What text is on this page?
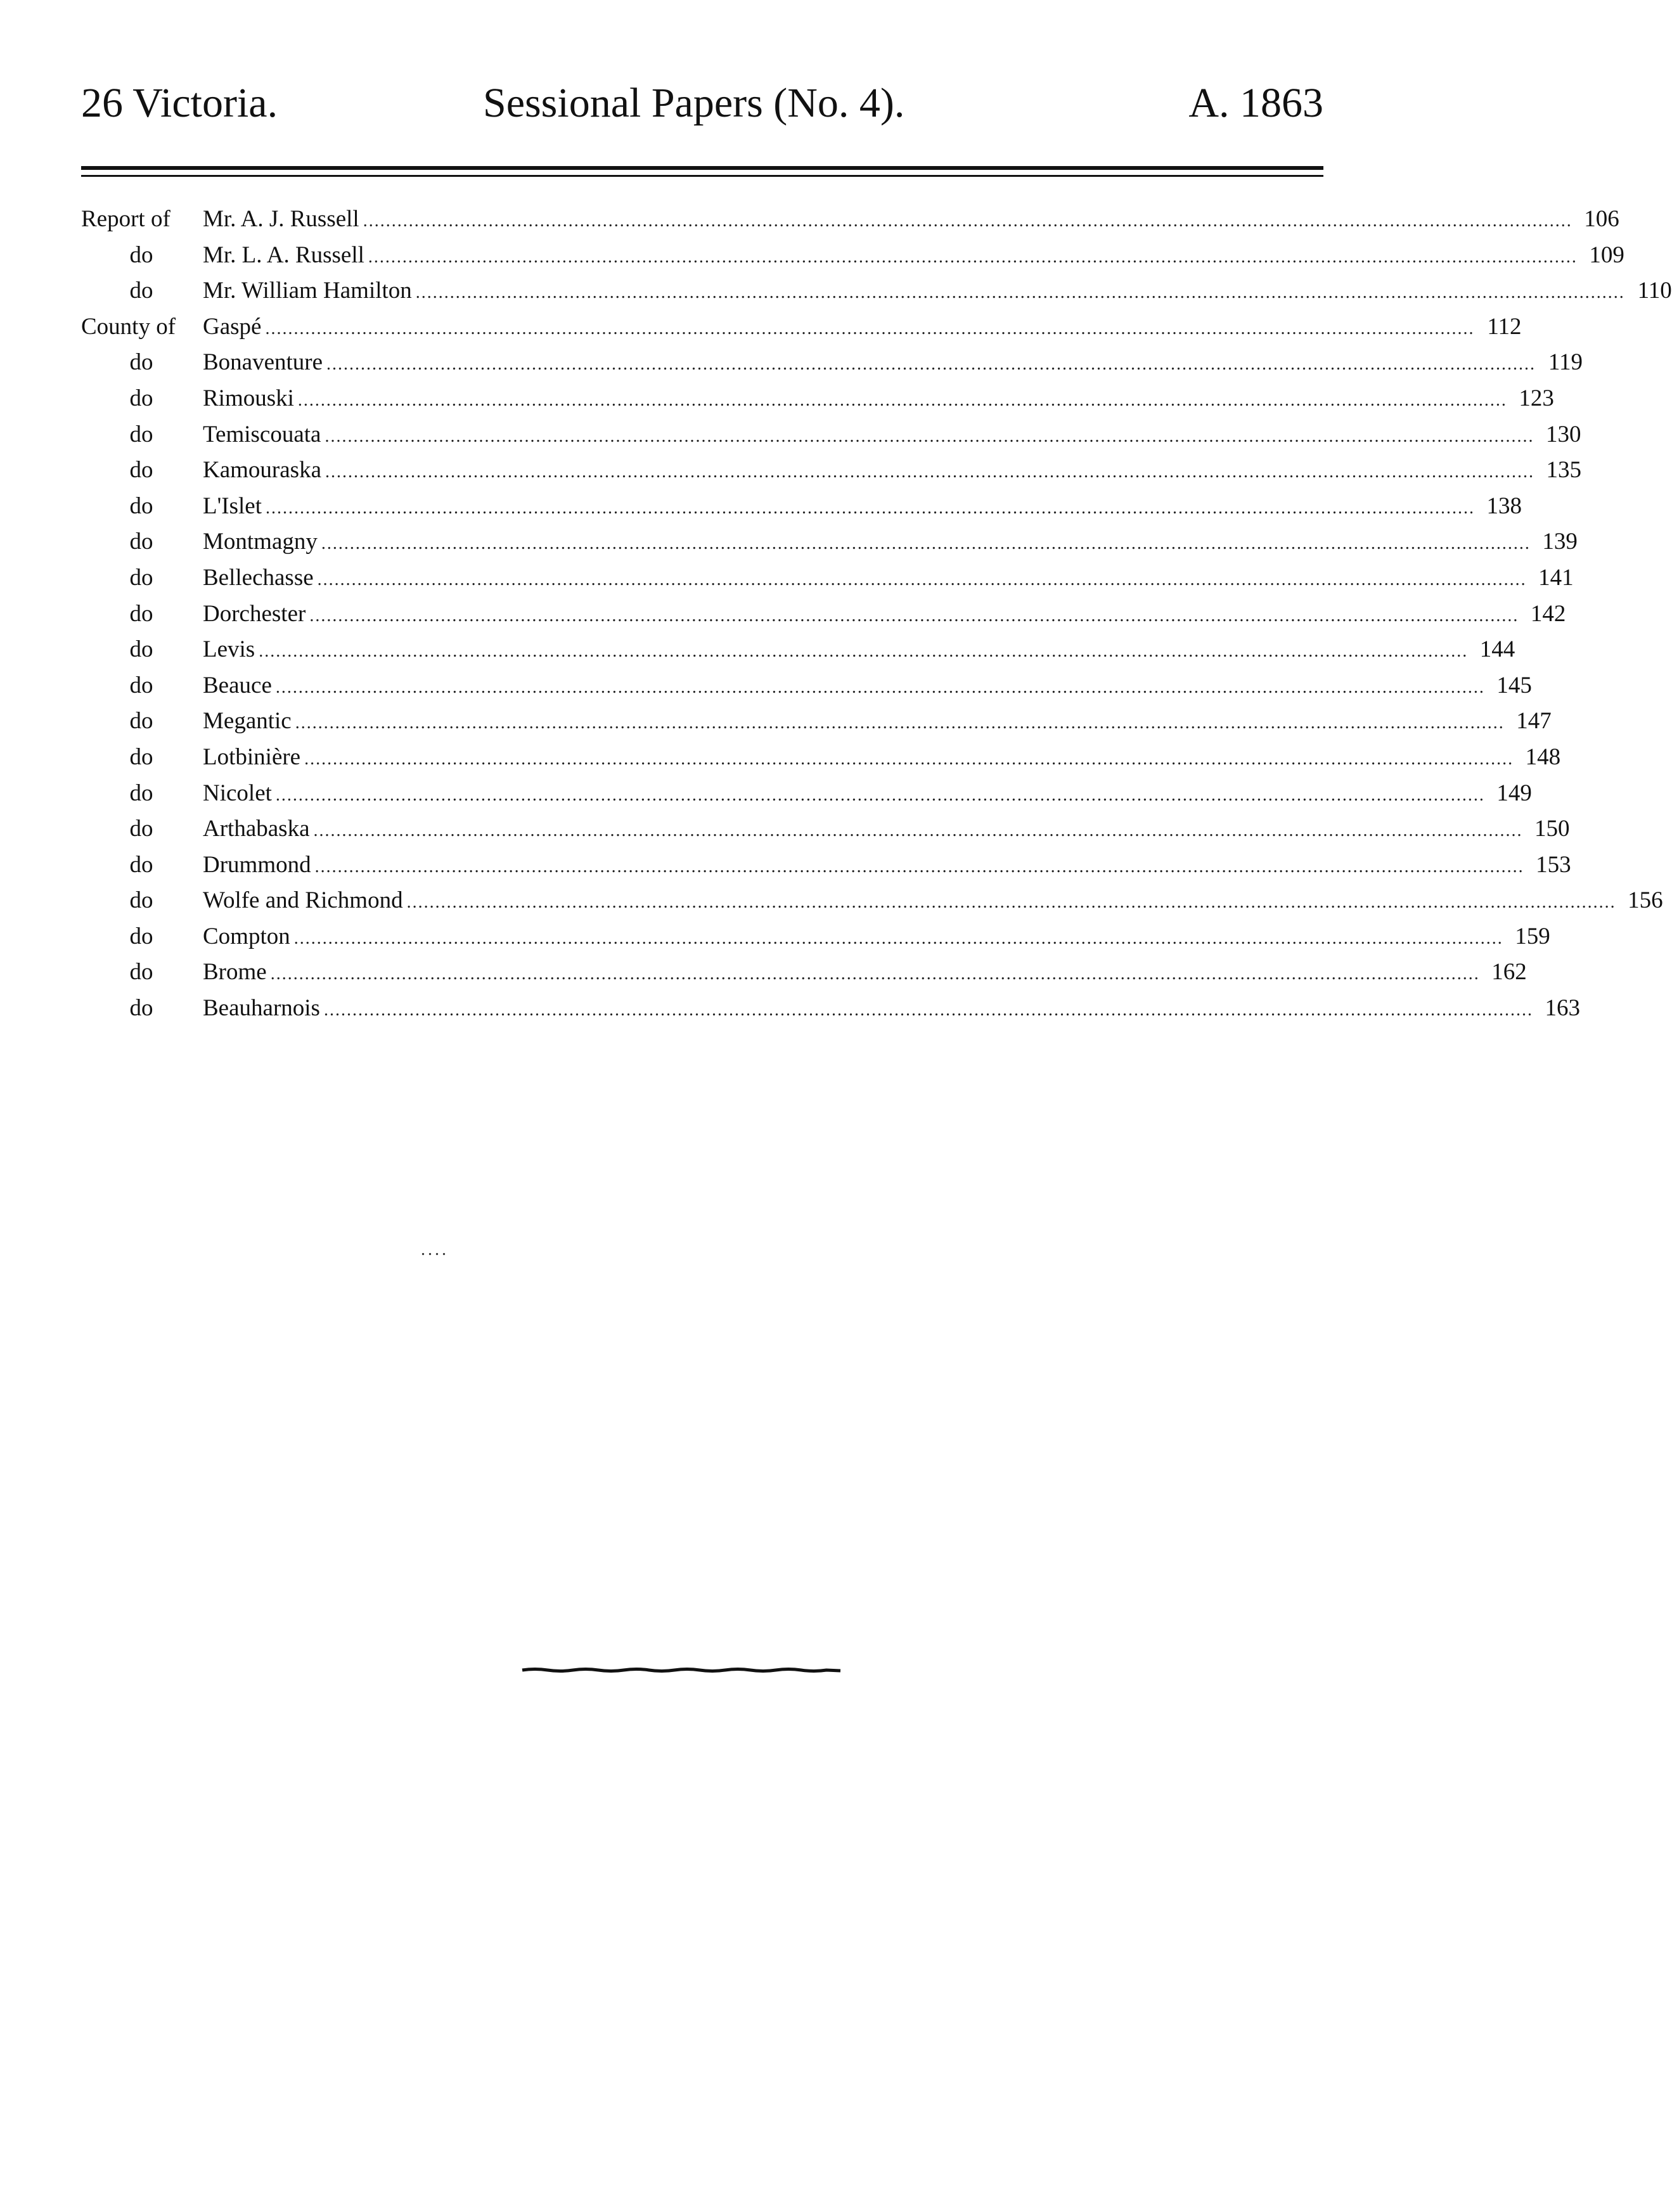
26 Victoria.	Sessional Papers (No. 4).	A. 1863
Report of	Mr. A. J. Russell .................................................................................................................................................................................................................... 106
do	Mr. L. A. Russell .................................................................................................................................................................................................................... 109
do	Mr. William Hamilton .................................................................................................................................................................................................................... 110
County of	Gaspé .................................................................................................................................................................................................................... 112
do	Bonaventure .................................................................................................................................................................................................................... 119
do	Rimouski .................................................................................................................................................................................................................... 123
do	Temiscouata .................................................................................................................................................................................................................... 130
do	Kamouraska .................................................................................................................................................................................................................... 135
do	L'Islet .................................................................................................................................................................................................................... 138
do	Montmagny .................................................................................................................................................................................................................... 139
do	Bellechasse .................................................................................................................................................................................................................... 141
do	Dorchester .................................................................................................................................................................................................................... 142
do	Levis .................................................................................................................................................................................................................... 144
do	Beauce .................................................................................................................................................................................................................... 145
do	Megantic .................................................................................................................................................................................................................... 147
do	Lotbinière .................................................................................................................................................................................................................... 148
do	Nicolet .................................................................................................................................................................................................................... 149
do	Arthabaska .................................................................................................................................................................................................................... 150
do	Drummond .................................................................................................................................................................................................................... 153
do	Wolfe and Richmond .................................................................................................................................................................................................................... 156
do	Compton .................................................................................................................................................................................................................... 159
do	Brome .................................................................................................................................................................................................................... 162
do	Beauharnois .................................................................................................................................................................................................................... 163
....
